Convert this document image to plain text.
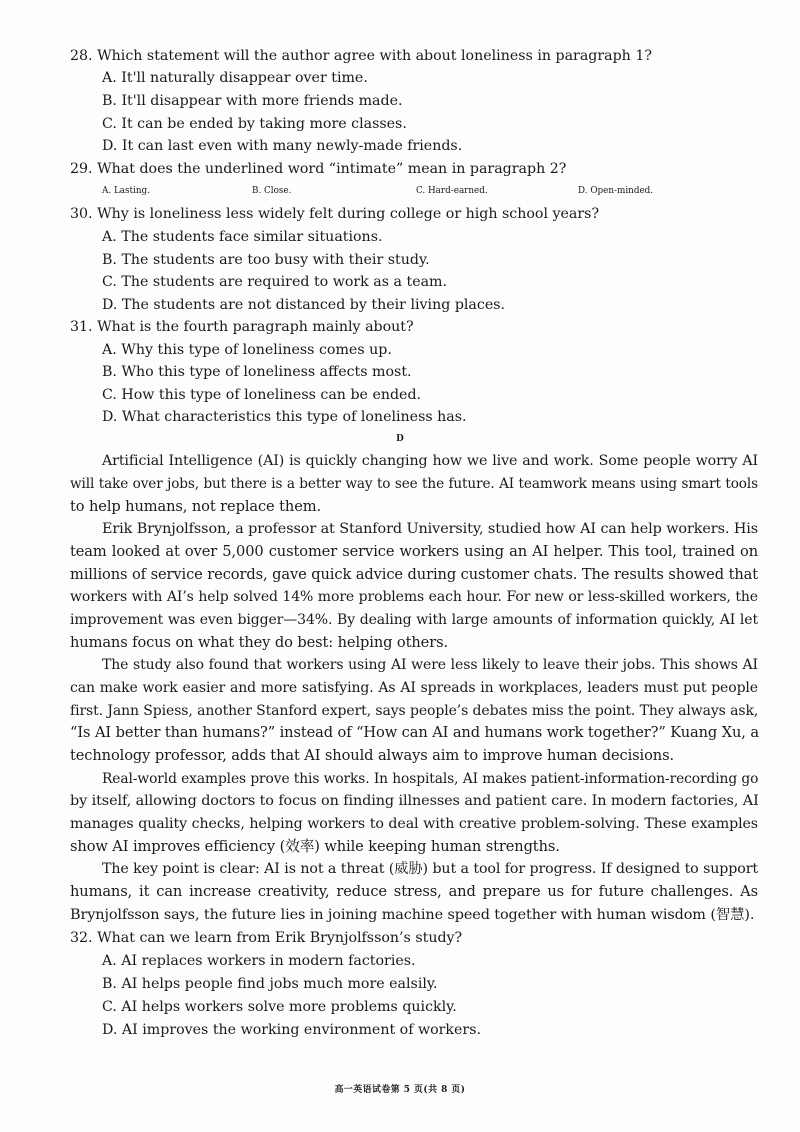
28. Which statement will the author agree with about loneliness in paragraph 1?
A. It'll naturally disappear over time.
B. It'll disappear with more friends made.
C. It can be ended by taking more classes.
D. It can last even with many newly-made friends.
29. What does the underlined word “intimate” mean in paragraph 2?
A. Lasting.	B. Close.	C. Hard-earned.	D. Open-minded.
30. Why is loneliness less widely felt during college or high school years?
A. The students face similar situations.
B. The students are too busy with their study.
C. The students are required to work as a team.
D. The students are not distanced by their living places.
31. What is the fourth paragraph mainly about?
A. Why this type of loneliness comes up.
B. Who this type of loneliness affects most.
C. How this type of loneliness can be ended.
D. What characteristics this type of loneliness has.
D
Artificial Intelligence (AI) is quickly changing how we live and work. Some people worry AI
will take over jobs, but there is a better way to see the future. AI teamwork means using smart tools
to help humans, not replace them.
Erik Brynjolfsson, a professor at Stanford University, studied how AI can help workers. His
team looked at over 5,000 customer service workers using an AI helper. This tool, trained on
millions of service records, gave quick advice during customer chats. The results showed that
workers with AI’s help solved 14% more problems each hour. For new or less-skilled workers, the
improvement was even bigger—34%. By dealing with large amounts of information quickly, AI let
humans focus on what they do best: helping others.
The study also found that workers using AI were less likely to leave their jobs. This shows AI
can make work easier and more satisfying. As AI spreads in workplaces, leaders must put people
first. Jann Spiess, another Stanford expert, says people’s debates miss the point. They always ask,
“Is AI better than humans?” instead of “How can AI and humans work together?” Kuang Xu, a
technology professor, adds that AI should always aim to improve human decisions.
Real-world examples prove this works. In hospitals, AI makes patient-information-recording go
by itself, allowing doctors to focus on finding illnesses and patient care. In modern factories, AI
manages quality checks, helping workers to deal with creative problem-solving. These examples
show AI improves efficiency (效率) while keeping human strengths.
The key point is clear: AI is not a threat (威胁) but a tool for progress. If designed to support
humans, it can increase creativity, reduce stress, and prepare us for future challenges. As
Brynjolfsson says, the future lies in joining machine speed together with human wisdom (智慧).
32. What can we learn from Erik Brynjolfsson’s study?
A. AI replaces workers in modern factories.
B. AI helps people find jobs much more ealsily.
C. AI helps workers solve more problems quickly.
D. AI improves the working environment of workers.
高一英语试卷第 5 页(共 8 页)
